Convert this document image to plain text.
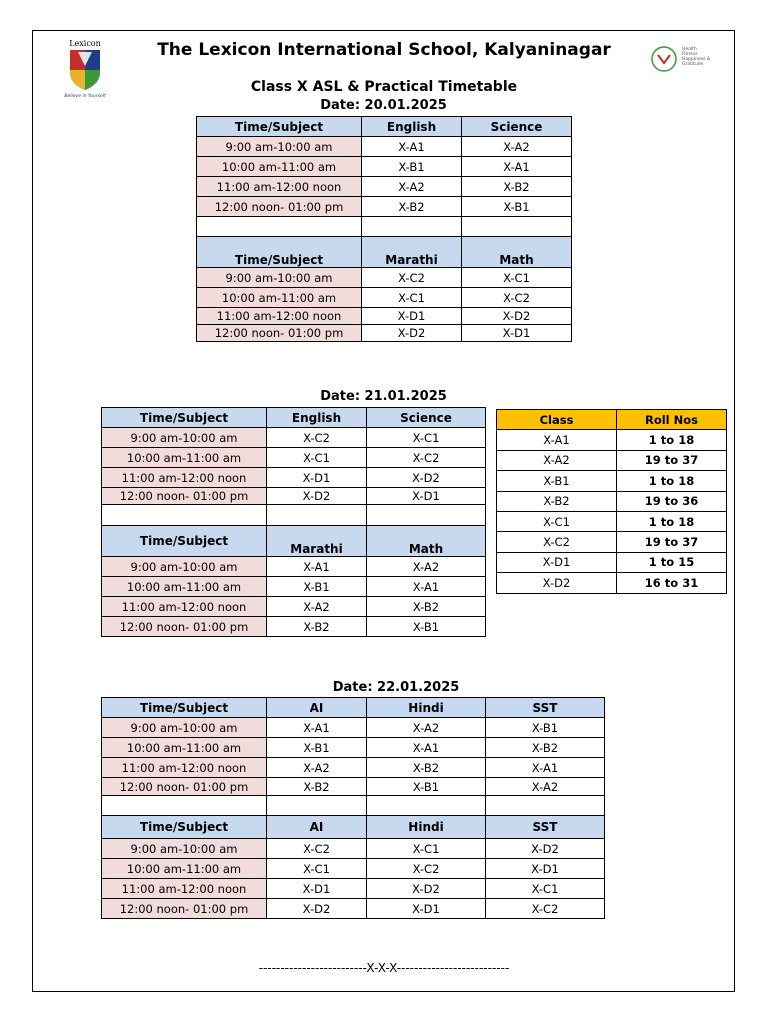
Lexicon
Believe in Yourself
Health
Fitness
Happiness &
Gratitude
The Lexicon International School, Kalyaninagar
Class X ASL & Practical Timetable
Date: 20.01.2025
Time/Subject	English	Science
9:00 am-10:00 am	X-A1	X-A2
10:00 am-11:00 am	X-B1	X-A1
11:00 am-12:00 noon	X-A2	X-B2
12:00 noon- 01:00 pm	X-B2	X-B1

Time/Subject	Marathi	Math
9:00 am-10:00 am	X-C2	X-C1
10:00 am-11:00 am	X-C1	X-C2
11:00 am-12:00 noon	X-D1	X-D2
12:00 noon- 01:00 pm	X-D2	X-D1
Date: 21.01.2025
Time/Subject	English	Science
9:00 am-10:00 am	X-C2	X-C1
10:00 am-11:00 am	X-C1	X-C2
11:00 am-12:00 noon	X-D1	X-D2
12:00 noon- 01:00 pm	X-D2	X-D1

Time/Subject	Marathi	Math
9:00 am-10:00 am	X-A1	X-A2
10:00 am-11:00 am	X-B1	X-A1
11:00 am-12:00 noon	X-A2	X-B2
12:00 noon- 01:00 pm	X-B2	X-B1
Class	Roll Nos
X-A1	1 to 18
X-A2	19 to 37
X-B1	1 to 18
X-B2	19 to 36
X-C1	1 to 18
X-C2	19 to 37
X-D1	1 to 15
X-D2	16 to 31
Date: 22.01.2025
Time/Subject	AI	Hindi	SST
9:00 am-10:00 am	X-A1	X-A2	X-B1
10:00 am-11:00 am	X-B1	X-A1	X-B2
11:00 am-12:00 noon	X-A2	X-B2	X-A1
12:00 noon- 01:00 pm	X-B2	X-B1	X-A2

Time/Subject	AI	Hindi	SST
9:00 am-10:00 am	X-C2	X-C1	X-D2
10:00 am-11:00 am	X-C1	X-C2	X-D1
11:00 am-12:00 noon	X-D1	X-D2	X-C1
12:00 noon- 01:00 pm	X-D2	X-D1	X-C2
-------------------------X-X-X--------------------------
